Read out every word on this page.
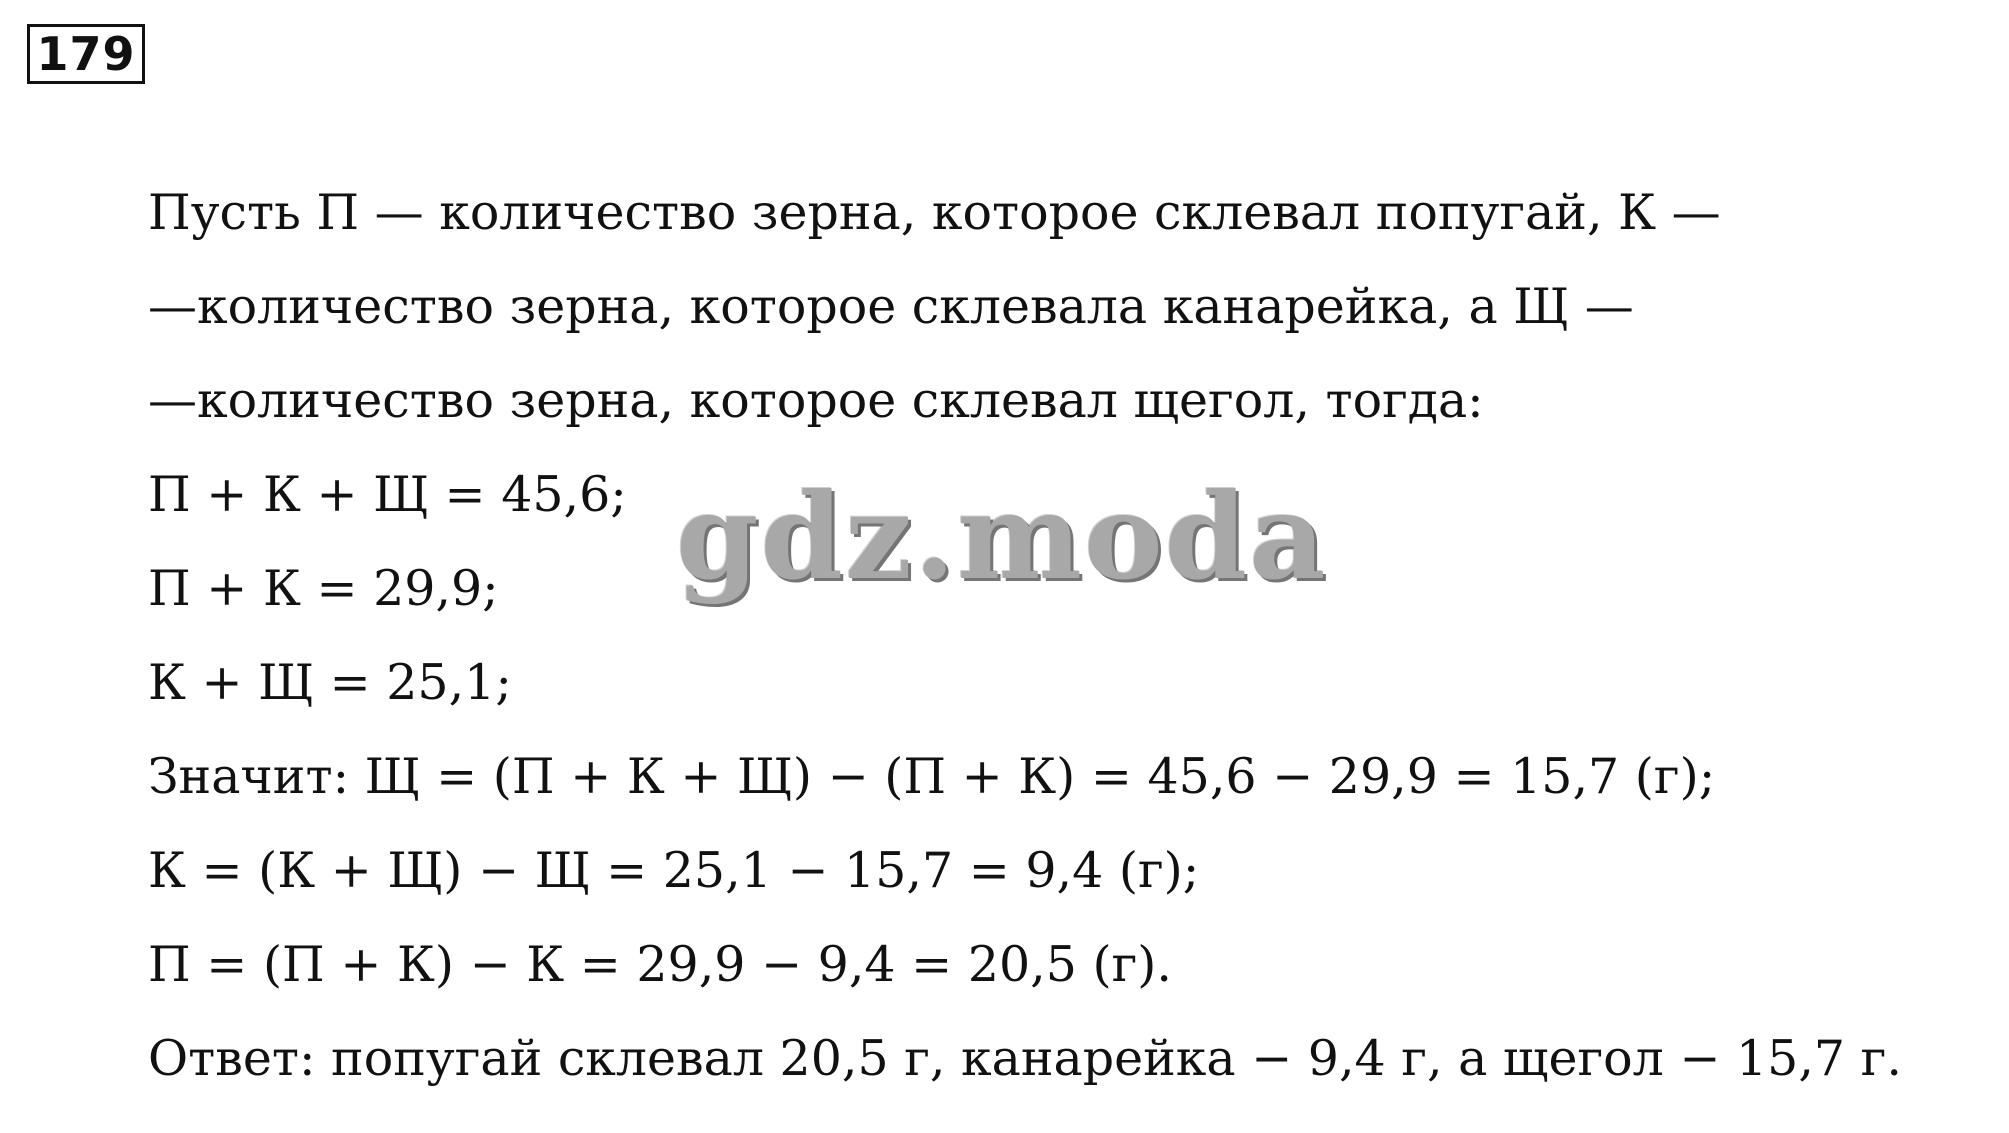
179
Пусть П — количество зерна, которое склевал попугай, К —
—количество зерна, которое склевала канарейка, а Щ —
—количество зерна, которое склевал щегол, тогда:
П + К + Щ = 45,6;
П + К = 29,9;
К + Щ = 25,1;
Значит: Щ = (П + К + Щ) − (П + К) = 45,6 − 29,9 = 15,7 (г);
К = (К + Щ) − Щ = 25,1 − 15,7 = 9,4 (г);
П = (П + К) − К = 29,9 − 9,4 = 20,5 (г).
Ответ: попугай склевал 20,5 г, канарейка − 9,4 г, а щегол − 15,7 г.
gdz.moda
